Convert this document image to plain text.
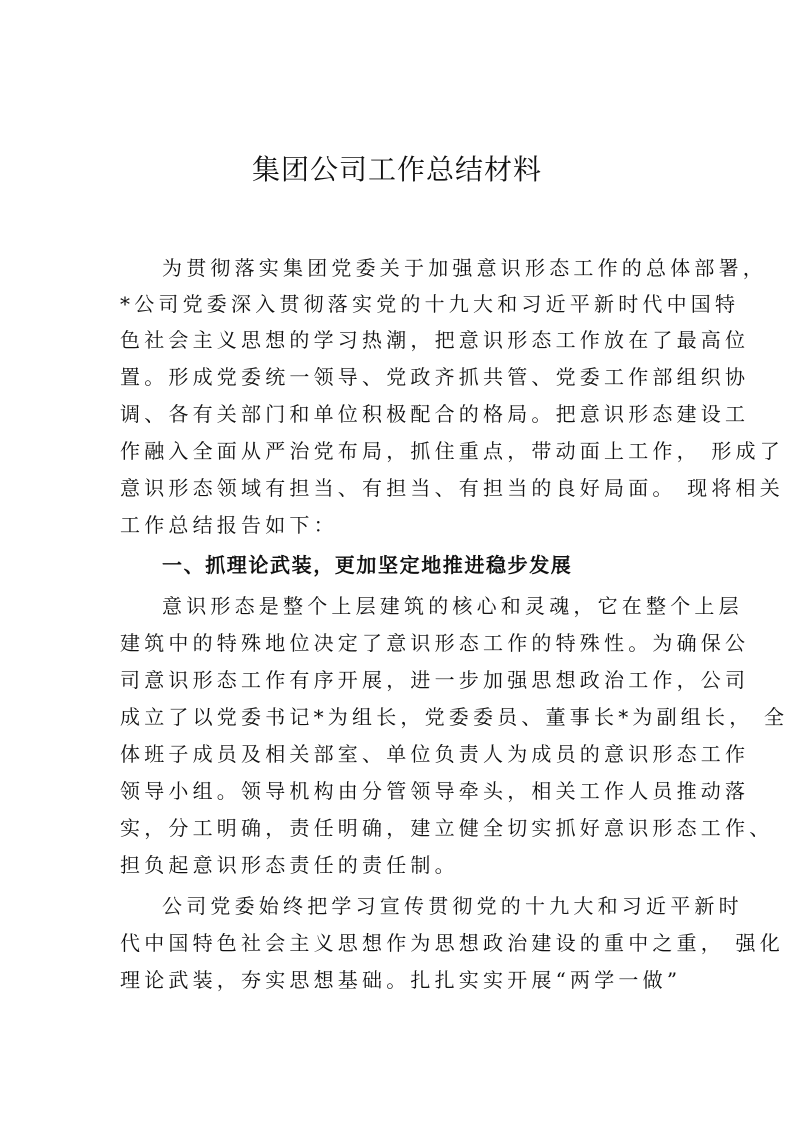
集团公司工作总结材料
为贯彻落实集团党委关于加强意识形态工作的总体部署，
*公司党委深入贯彻落实党的十九大和习近平新时代中国特
色社会主义思想的学习热潮，把意识形态工作放在了最高位
置。形成党委统一领导、党政齐抓共管、党委工作部组织协
调、各有关部门和单位积极配合的格局。把意识形态建设工
作融入全面从严治党布局，抓住重点，带动面上工作， 形成了
意识形态领域有担当、有担当、有担当的良好局面。 现将相关
工作总结报告如下：
一、抓理论武装，更加坚定地推进稳步发展
意识形态是整个上层建筑的核心和灵魂，它在整个上层
建筑中的特殊地位决定了意识形态工作的特殊性。为确保公
司意识形态工作有序开展，进一步加强思想政治工作，公司
成立了以党委书记*为组长，党委委员、董事长*为副组长， 全
体班子成员及相关部室、单位负责人为成员的意识形态工作
领导小组。领导机构由分管领导牵头，相关工作人员推动落
实，分工明确，责任明确，建立健全切实抓好意识形态工作、
担负起意识形态责任的责任制。
公司党委始终把学习宣传贯彻党的十九大和习近平新时
代中国特色社会主义思想作为思想政治建设的重中之重， 强化
理论武装，夯实思想基础。扎扎实实开展“两学一做”
